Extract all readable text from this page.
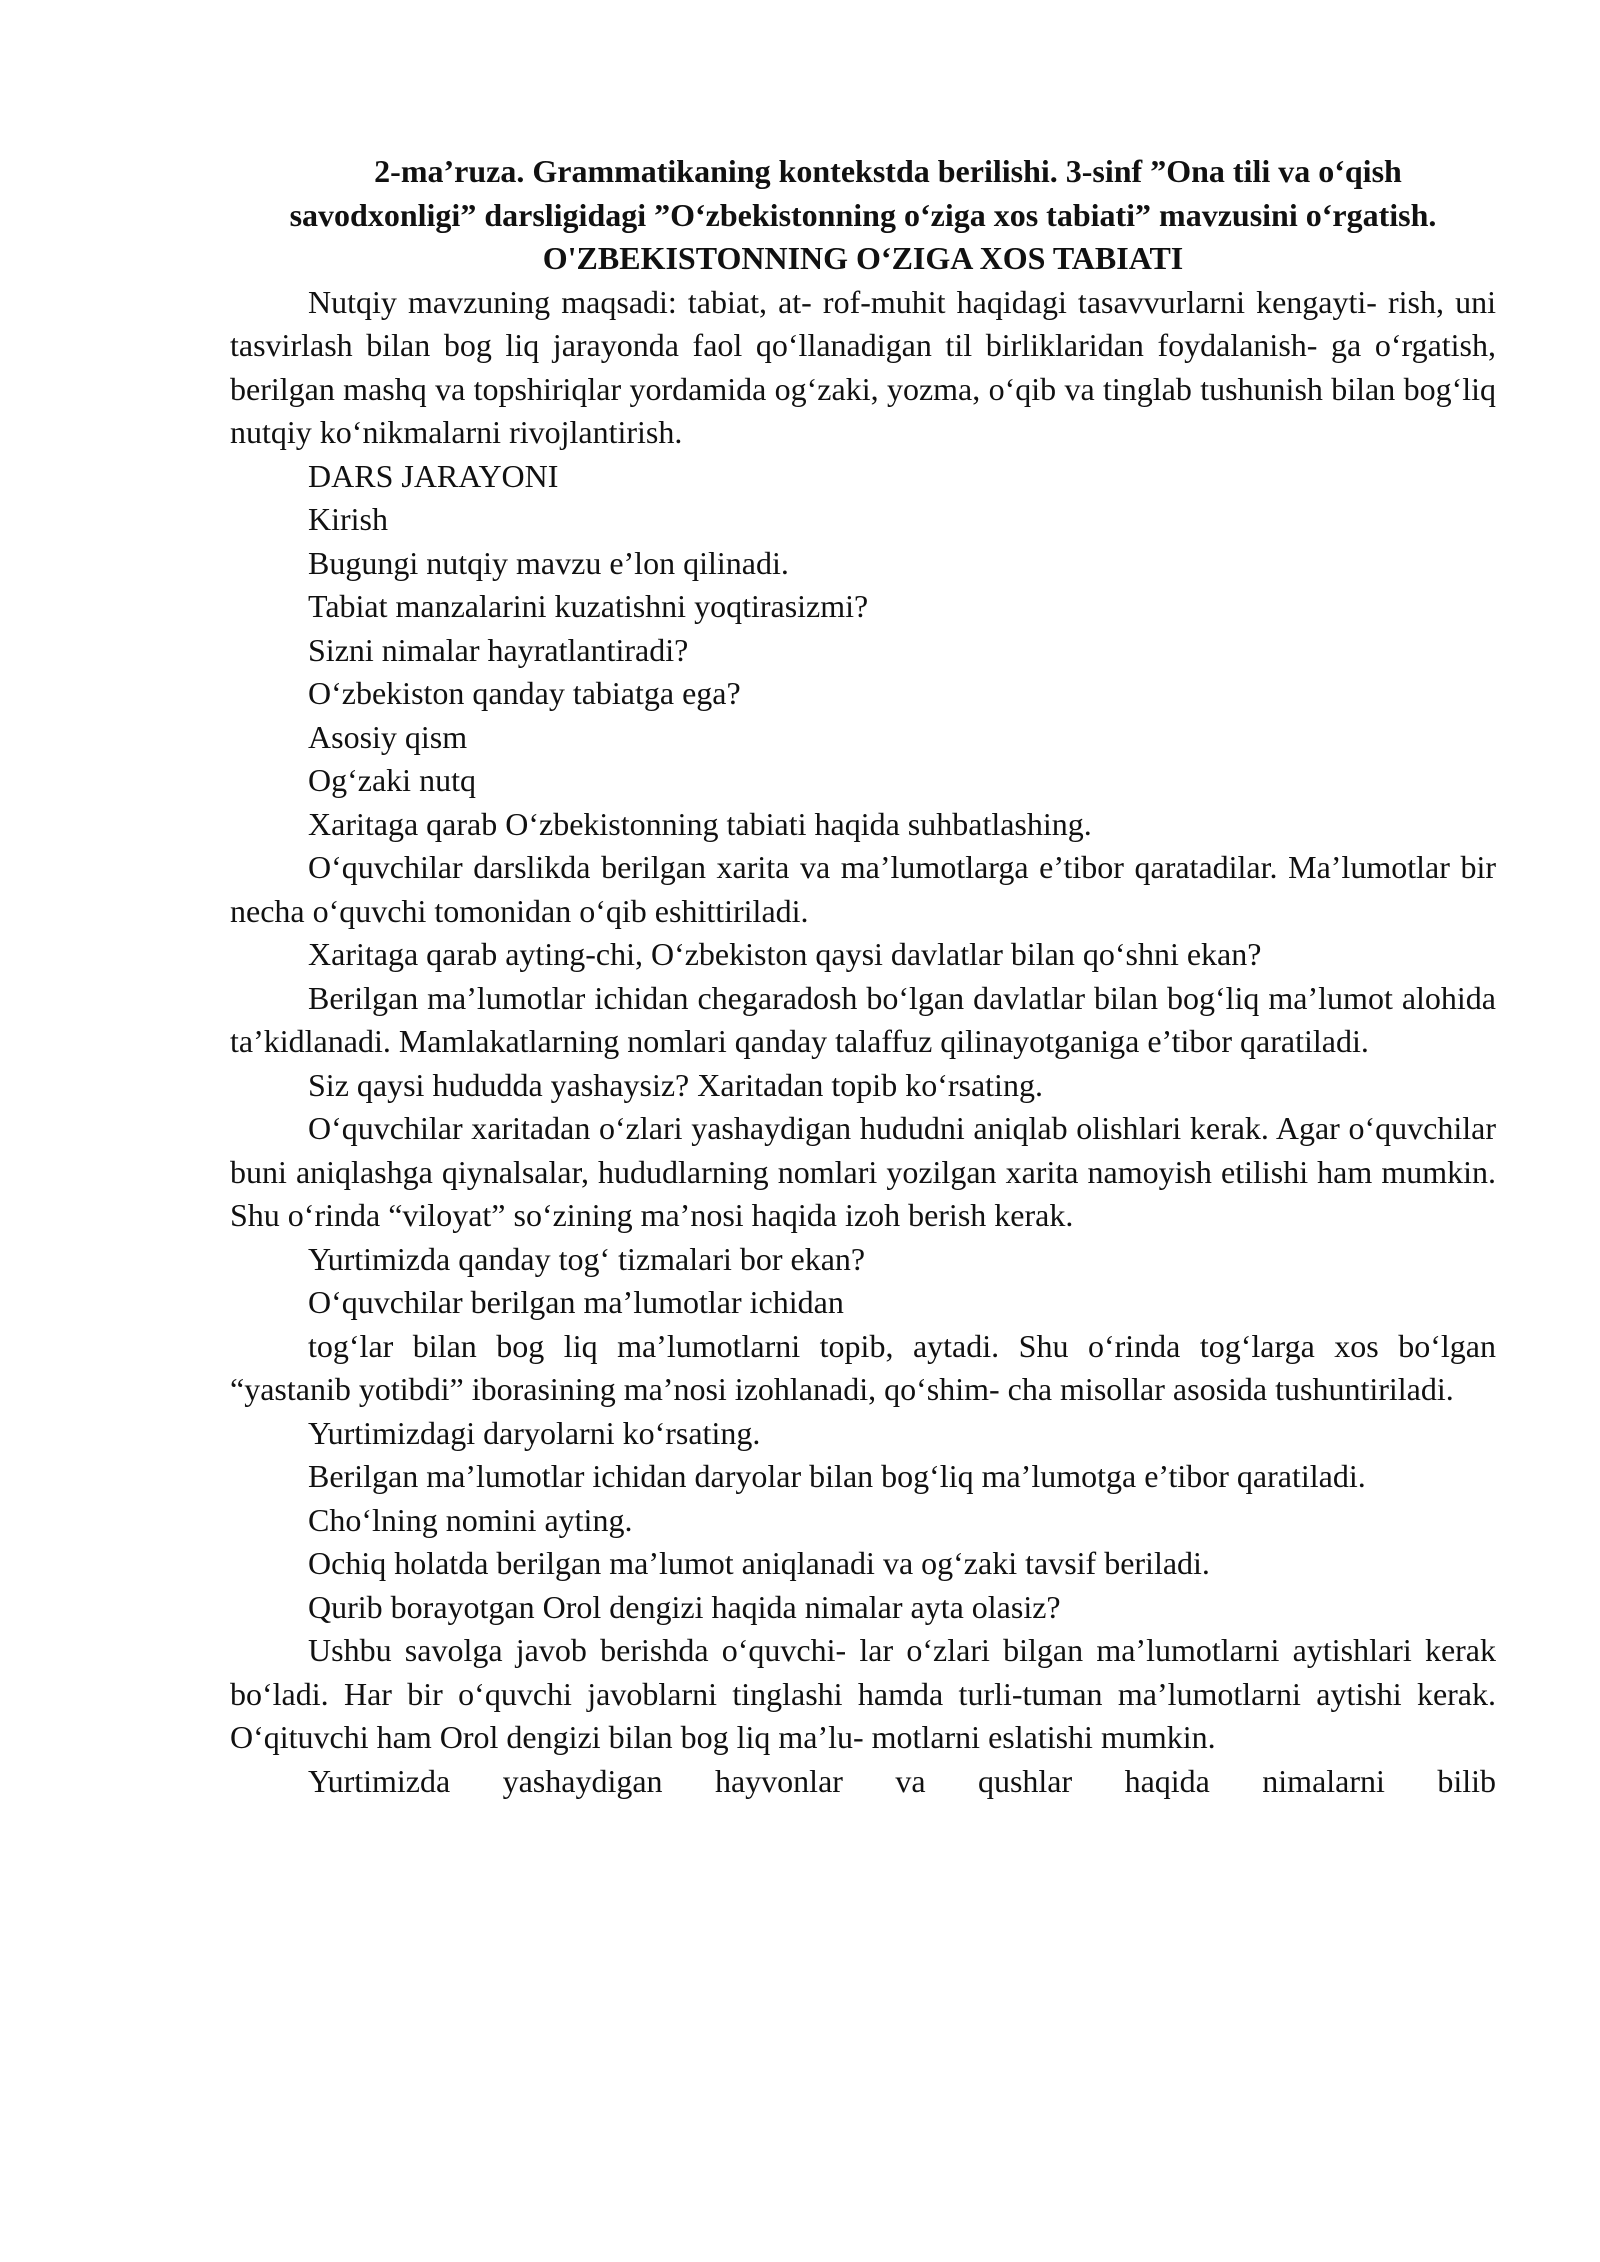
2-ma’ruza. Grammatikaning kontekstda berilishi. 3-sinf ”Ona tili va o‘qish savodxonligi” darsligidagi ”O‘zbekistonning o‘ziga xos tabiati” mavzusini o‘rgatish.

O'ZBEKISTONNING O‘ZIGA XOS TABIATI

Nutqiy mavzuning maqsadi: tabiat, at- rof-muhit haqidagi tasavvurlarni kengayti- rish, uni tasvirlash bilan bog liq jarayonda faol qo‘llanadigan til birliklaridan foydalanish- ga o‘rgatish, berilgan mashq va topshiriqlar yordamida og‘zaki, yozma, o‘qib va tinglab tushunish bilan bog‘liq nutqiy ko‘nikmalarni rivojlantirish.

DARS JARAYONI

Kirish

Bugungi nutqiy mavzu e’lon qilinadi.

Tabiat manzalarini kuzatishni yoqtirasizmi?

Sizni nimalar hayratlantiradi?

O‘zbekiston qanday tabiatga ega?

Asosiy qism

Og‘zaki nutq

Xaritaga qarab O‘zbekistonning tabiati haqida suhbatlashing.

O‘quvchilar darslikda berilgan xarita va ma’lumotlarga e’tibor qaratadilar. Ma’lumotlar bir necha o‘quvchi tomonidan o‘qib eshittiriladi.

Xaritaga qarab ayting-chi, O‘zbekiston qaysi davlatlar bilan qo‘shni ekan?

Berilgan ma’lumotlar ichidan chegaradosh bo‘lgan davlatlar bilan bog‘liq ma’lumot alohida ta’kidlanadi. Mamlakatlarning nomlari qanday talaffuz qilinayotganiga e’tibor qaratiladi.

Siz qaysi hududda yashaysiz? Xaritadan topib ko‘rsating.

O‘quvchilar xaritadan o‘zlari yashaydigan hududni aniqlab olishlari kerak. Agar o‘quvchilar buni aniqlashga qiynalsalar, hududlarning nomlari yozilgan xarita namoyish etilishi ham mumkin. Shu o‘rinda “viloyat” so‘zining ma’nosi haqida izoh berish kerak.

Yurtimizda qanday tog‘ tizmalari bor ekan?

O‘quvchilar berilgan ma’lumotlar ichidan

tog‘lar bilan bog liq ma’lumotlarni topib, aytadi. Shu o‘rinda tog‘larga xos bo‘lgan “yastanib yotibdi” iborasining ma’nosi izohlanadi, qo‘shim- cha misollar asosida tushuntiriladi.

Yurtimizdagi daryolarni ko‘rsating.

Berilgan ma’lumotlar ichidan daryolar bilan bog‘liq ma’lumotga e’tibor qaratiladi.

Cho‘lning nomini ayting.

Ochiq holatda berilgan ma’lumot aniqlanadi va og‘zaki tavsif beriladi.

Qurib borayotgan Orol dengizi haqida nimalar ayta olasiz?

Ushbu savolga javob berishda o‘quvchi- lar o‘zlari bilgan ma’lumotlarni aytishlari kerak bo‘ladi. Har bir o‘quvchi javoblarni tinglashi hamda turli-tuman ma’lumotlarni aytishi kerak. O‘qituvchi ham Orol dengizi bilan bog liq ma’lu- motlarni eslatishi mumkin.

Yurtimizda yashaydigan hayvonlar va qushlar haqida nimalarni bilib
